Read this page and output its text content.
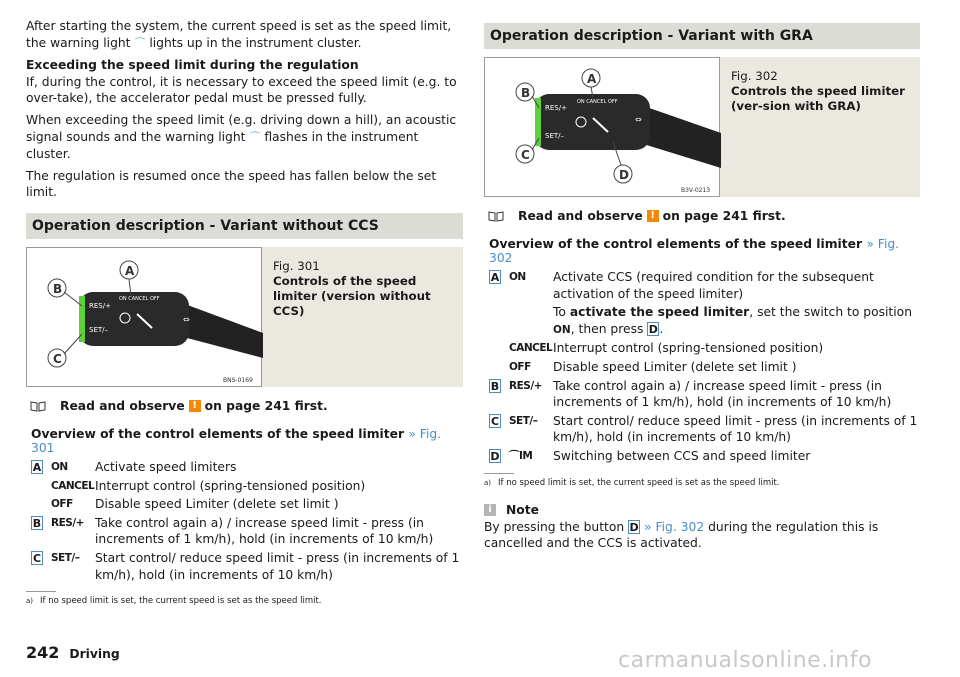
After starting the system, the current speed is set as the speed limit, the warning light ⌒ lights up in the instrument cluster.

Exceeding the speed limit during the regulation

If, during the control, it is necessary to exceed the speed limit (e.g. to over-take), the accelerator pedal must be pressed fully.

When exceeding the speed limit (e.g. driving down a hill), an acoustic signal sounds and the warning light ⌒ flashes in the instrument cluster.

The regulation is resumed once the speed has fallen below the set limit.

Operation description - Variant without CCS
RES/+
SET/–
ON CANCEL OFF
⇔
A
B
C
BNS-0169
Fig. 301
Controls of the speed limiter (version without CCS)
Read and observe ! on page 241 first.
Overview of the control elements of the speed limiter » Fig. 301
A ON	Activate speed limiters
CANCEL Interrupt control (spring-tensioned position)
OFF	Disable speed Limiter (delete set limit )
B RES/+ Take control again a) / increase speed limit - press (in increments of 1 km/h), hold (in increments of 10 km/h)
C SET/–	Start control/ reduce speed limit - press (in increments of 1 km/h), hold (in increments of 10 km/h)
a) If no speed limit is set, the current speed is set as the speed limit.
Operation description - Variant with GRA
RES/+
SET/–
ON CANCEL OFF
⇔
A
B
C
D
B3V-0213
Fig. 302
Controls the speed limiter (ver-sion with GRA)
Read and observe ! on page 241 first.
Overview of the control elements of the speed limiter » Fig. 302
A ON	Activate CCS (required condition for the subsequent activation of the speed limiter)
To activate the speed limiter, set the switch to position ON, then press D.
CANCEL Interrupt control (spring-tensioned position)
OFF	Disable speed Limiter (delete set limit )
B RES/+ Take control again a) / increase speed limit - press (in increments of 1 km/h), hold (in increments of 10 km/h)
C SET/–	Start control/ reduce speed limit - press (in increments of 1 km/h), hold (in increments of 10 km/h)
D ⌒IM	Switching between CCS and speed limiter
a) If no speed limit is set, the current speed is set as the speed limit.
i	Note

By pressing the button D » Fig. 302 during the regulation this is cancelled and the CCS is activated.

242 Driving	carmanualsonline.info
